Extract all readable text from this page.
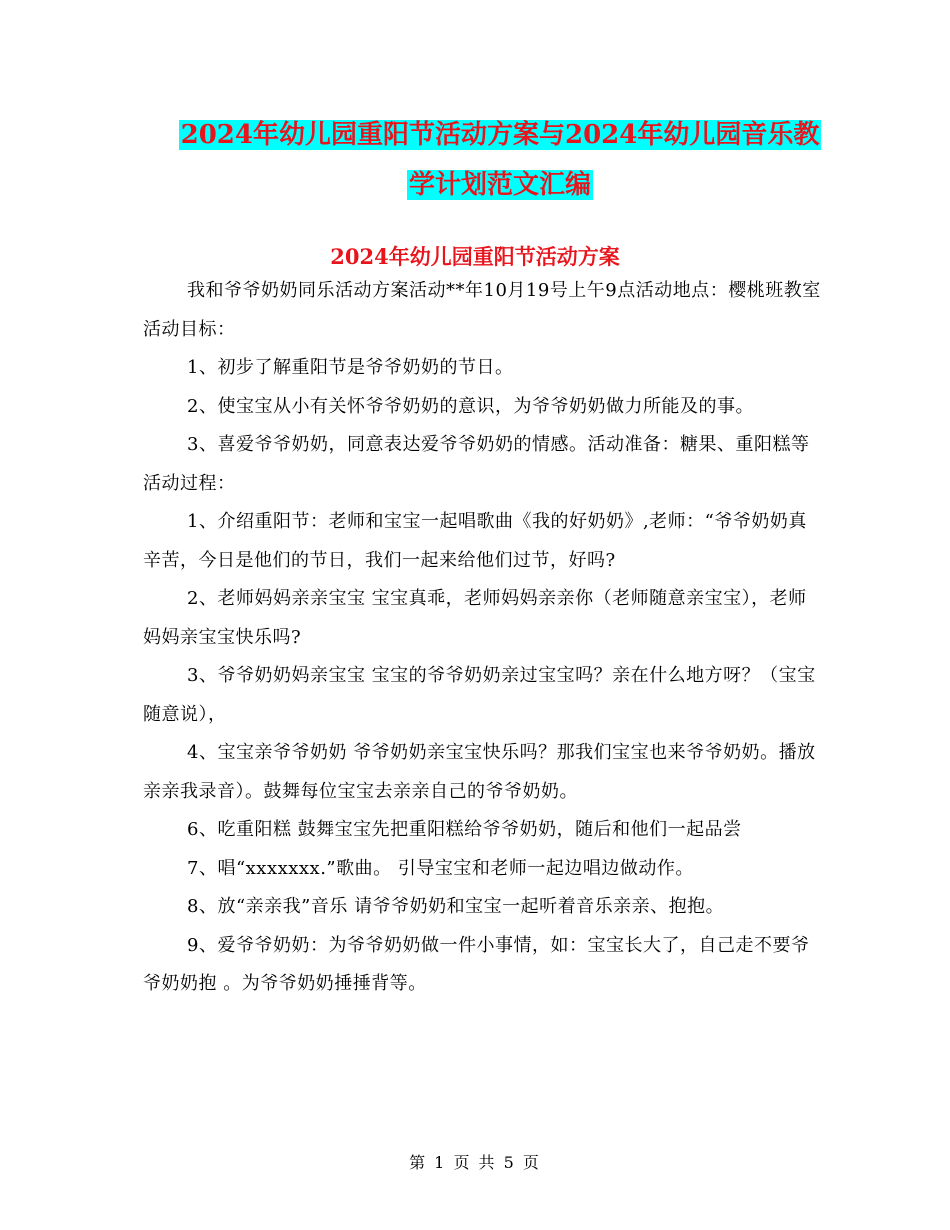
2024年幼儿园重阳节活动方案与2024年幼儿园音乐教
学计划范文汇编
2024年幼儿园重阳节活动方案

我和爷爷奶奶同乐活动方案活动**年10月19号上午9点活动地点：樱桃班教室活动目标：

1、初步了解重阳节是爷爷奶奶的节日。

2、使宝宝从小有关怀爷爷奶奶的意识，为爷爷奶奶做力所能及的事。

3、喜爱爷爷奶奶，同意表达爱爷爷奶奶的情感。活动准备：糖果、重阳糕等活动过程：

1、介绍重阳节：老师和宝宝一起唱歌曲《我的好奶奶》,老师：“爷爷奶奶真辛苦，今日是他们的节日，我们一起来给他们过节，好吗?

2、老师妈妈亲亲宝宝 宝宝真乖，老师妈妈亲亲你（老师随意亲宝宝），老师妈妈亲宝宝快乐吗?

3、爷爷奶奶妈亲宝宝 宝宝的爷爷奶奶亲过宝宝吗？亲在什么地方呀？（宝宝随意说），

4、宝宝亲爷爷奶奶 爷爷奶奶亲宝宝快乐吗？那我们宝宝也来爷爷奶奶。播放亲亲我录音）。鼓舞每位宝宝去亲亲自己的爷爷奶奶。

6、吃重阳糕 鼓舞宝宝先把重阳糕给爷爷奶奶，随后和他们一起品尝

7、唱“xxxxxxx.”歌曲。 引导宝宝和老师一起边唱边做动作。

8、放“亲亲我”音乐 请爷爷奶奶和宝宝一起听着音乐亲亲、抱抱。

9、爱爷爷奶奶：为爷爷奶奶做一件小事情，如：宝宝长大了，自己走不要爷爷奶奶抱 。为爷爷奶奶捶捶背等。

第 1 页 共 5 页
